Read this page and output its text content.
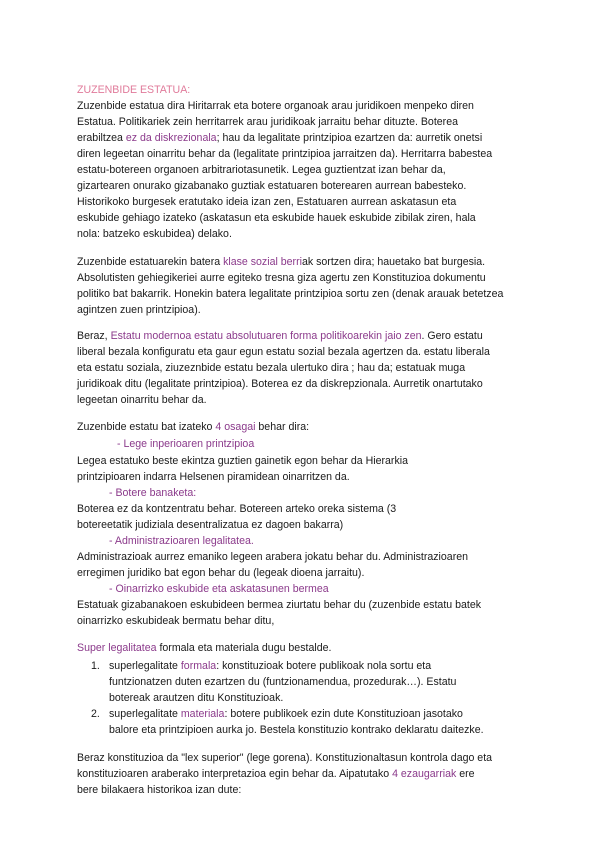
ZUZENBIDE ESTATUA:
Zuzenbide estatua dira Hiritarrak eta botere organoak arau juridikoen menpeko diren
Estatua. Politikariek zein herritarrek arau juridikoak jarraitu behar dituzte. Boterea
erabiltzea ez da diskrezionala; hau da legalitate printzipioa ezartzen da: aurretik onetsi
diren legeetan oinarritu behar da (legalitate printzipioa jarraitzen da). Herritarra babestea
estatu-botereen organoen arbitrariotasunetik. Legea guztientzat izan behar da,
gizartearen onurako gizabanako guztiak estatuaren boterearen aurrean babesteko.
Historikoko burgesek eratutako ideia izan zen, Estatuaren aurrean askatasun eta
eskubide gehiago izateko (askatasun eta eskubide hauek eskubide zibilak ziren, hala
nola: batzeko eskubidea) delako.
Zuzenbide estatuarekin batera klase sozial berriak sortzen dira; hauetako bat burgesia.
Absolutisten gehiegikeriei aurre egiteko tresna giza agertu zen Konstituzioa dokumentu
politiko bat bakarrik. Honekin batera legalitate printzipioa sortu zen (denak arauak betetzea
agintzen zuen printzipioa).
Beraz, Estatu modernoa estatu absolutuaren forma politikoarekin jaio zen. Gero estatu
liberal bezala konfiguratu eta gaur egun estatu sozial bezala agertzen da. estatu liberala
eta estatu soziala, ziuzeznbide estatu bezala ulertuko dira ; hau da; estatuak muga
juridikoak ditu (legalitate printzipioa). Boterea ez da diskrepzionala. Aurretik onartutako
legeetan oinarritu behar da.
Zuzenbide estatu bat izateko 4 osagai behar dira:
- Lege inperioaren printzipioa
Legea estatuko beste ekintza guztien gainetik egon behar da Hierarkia
printzipioaren indarra Helsenen piramidean oinarritzen da.
- Botere banaketa:
Boterea ez da kontzentratu behar. Botereen arteko oreka sistema (3
botereetatik judiziala desentralizatua ez dagoen bakarra)
- Administrazioaren legalitatea.
Administrazioak aurrez emaniko legeen arabera jokatu behar du. Administrazioaren
erregimen juridiko bat egon behar du (legeak dioena jarraitu).
- Oinarrizko eskubide eta askatasunen bermea
Estatuak gizabanakoen eskubideen bermea ziurtatu behar du (zuzenbide estatu batek
oinarrizko eskubideak bermatu behar ditu,
Super legalitatea formala eta materiala dugu bestalde.
1. superlegalitate formala: konstituzioak botere publikoak nola sortu eta
funtzionatzen duten ezartzen du (funtzionamendua, prozedurak…). Estatu
botereak arautzen ditu Konstituzioak.
2. superlegalitate materiala: botere publikoek ezin dute Konstituzioan jasotako
balore eta printzipioen aurka jo. Bestela konstituzio kontrako deklaratu daitezke.
Beraz konstituzioa da "lex superior" (lege gorena). Konstituzionaltasun kontrola dago eta
konstituzioaren araberako interpretazioa egin behar da. Aipatutako 4 ezaugarriak ere
bere bilakaera historikoa izan dute:
